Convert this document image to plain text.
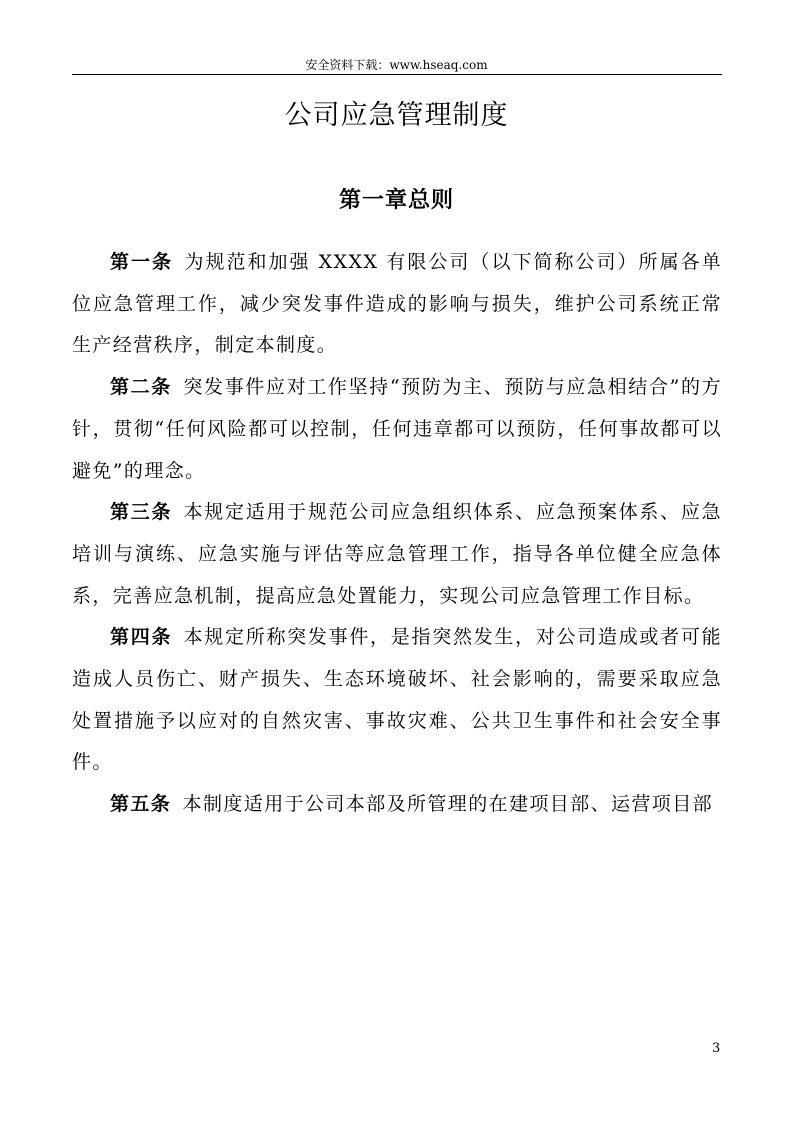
安全资料下载：www.hseaq.com
公司应急管理制度
第一章总则

第一条 为规范和加强 XXXX 有限公司（以下简称公司）所属各单位应急管理工作，减少突发事件造成的影响与损失，维护公司系统正常生产经营秩序，制定本制度。

第二条 突发事件应对工作坚持“预防为主、预防与应急相结合”的方针，贯彻“任何风险都可以控制，任何违章都可以预防，任何事故都可以避免”的理念。

第三条 本规定适用于规范公司应急组织体系、应急预案体系、应急培训与演练、应急实施与评估等应急管理工作，指导各单位健全应急体系，完善应急机制，提高应急处置能力，实现公司应急管理工作目标。

第四条 本规定所称突发事件，是指突然发生，对公司造成或者可能造成人员伤亡、财产损失、生态环境破坏、社会影响的，需要采取应急处置措施予以应对的自然灾害、事故灾难、公共卫生事件和社会安全事件。

第五条 本制度适用于公司本部及所管理的在建项目部、运营项目部

3
